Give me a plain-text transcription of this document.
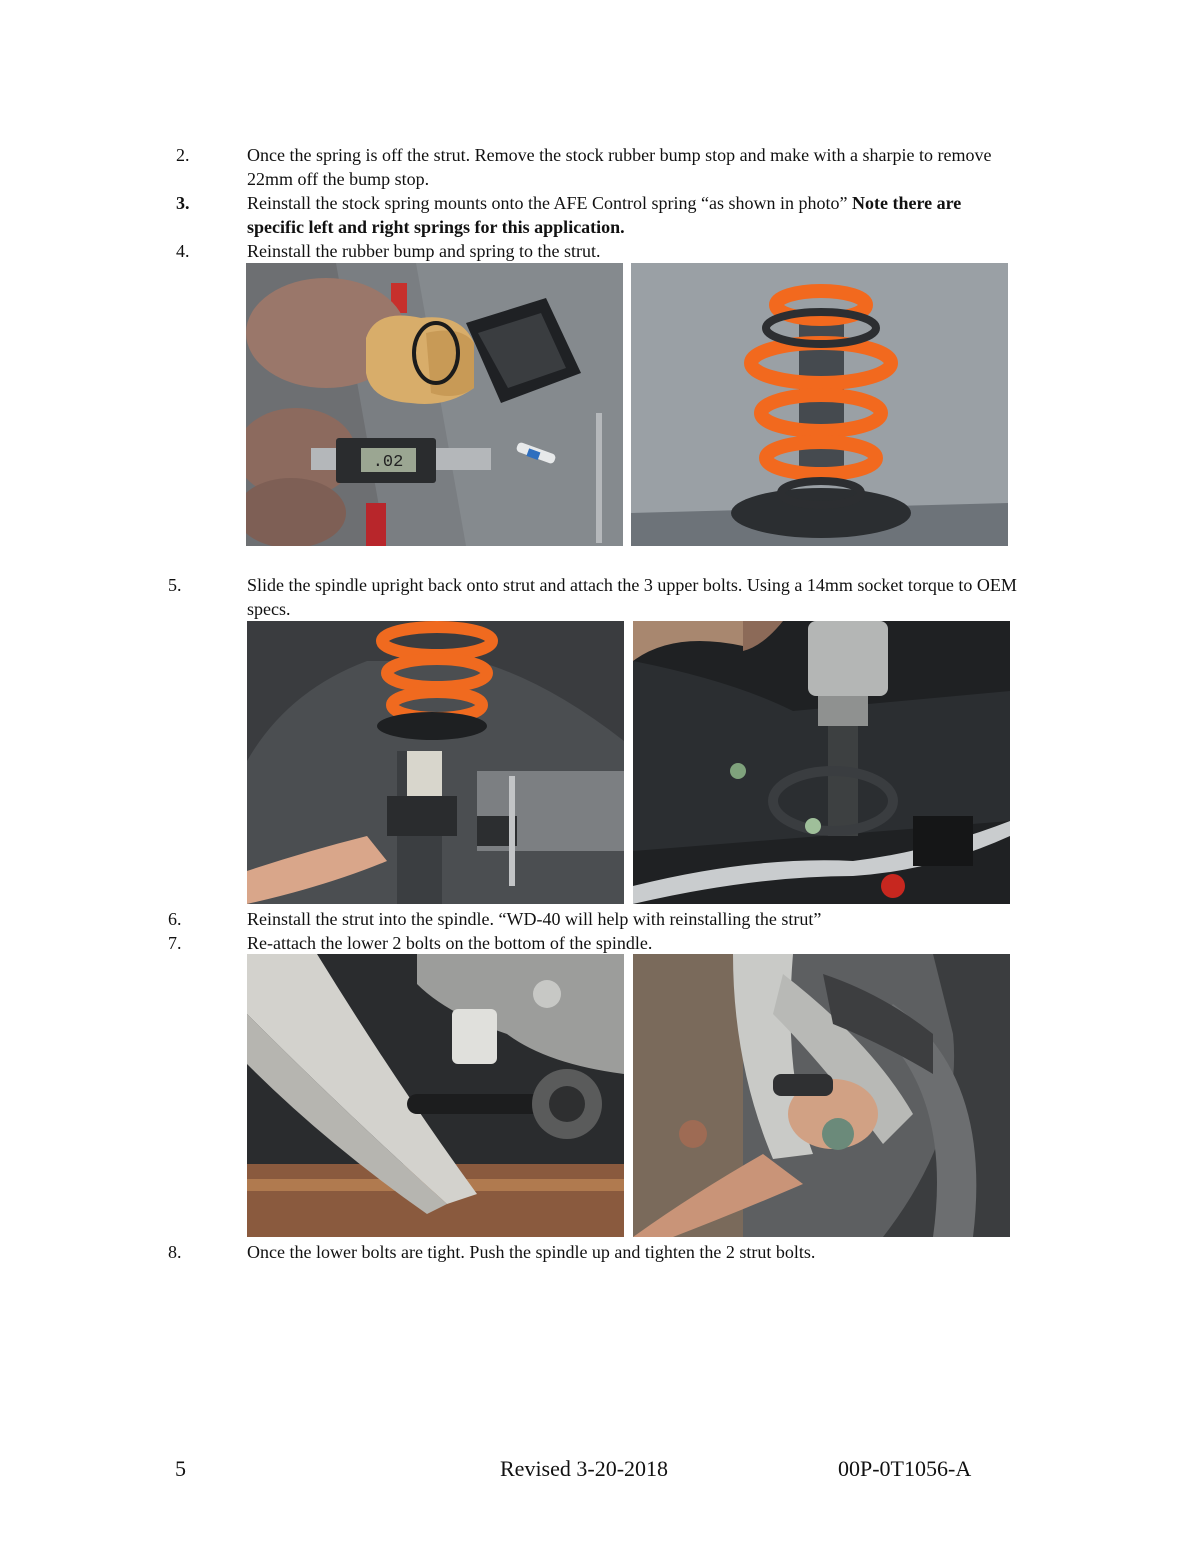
2.	Once the spring is off the strut. Remove the stock rubber bump stop and make with a sharpie to remove 22mm off the bump stop.
3.	Reinstall the stock spring mounts onto the AFE Control spring “as shown in photo” Note there are specific left and right springs for this application.
4.	Reinstall the rubber bump and spring to the strut.
.02
5.	Slide the spindle upright back onto strut and attach the 3 upper bolts. Using a 14mm socket torque to OEM specs.
6.	Reinstall the strut into the spindle. “WD-40 will help with reinstalling the strut”
7.	Re-attach the lower 2 bolts on the bottom of the spindle.
8.	Once the lower bolts are tight. Push the spindle up and tighten the 2 strut bolts.
5	Revised 3-20-2018	00P-0T1056-A
